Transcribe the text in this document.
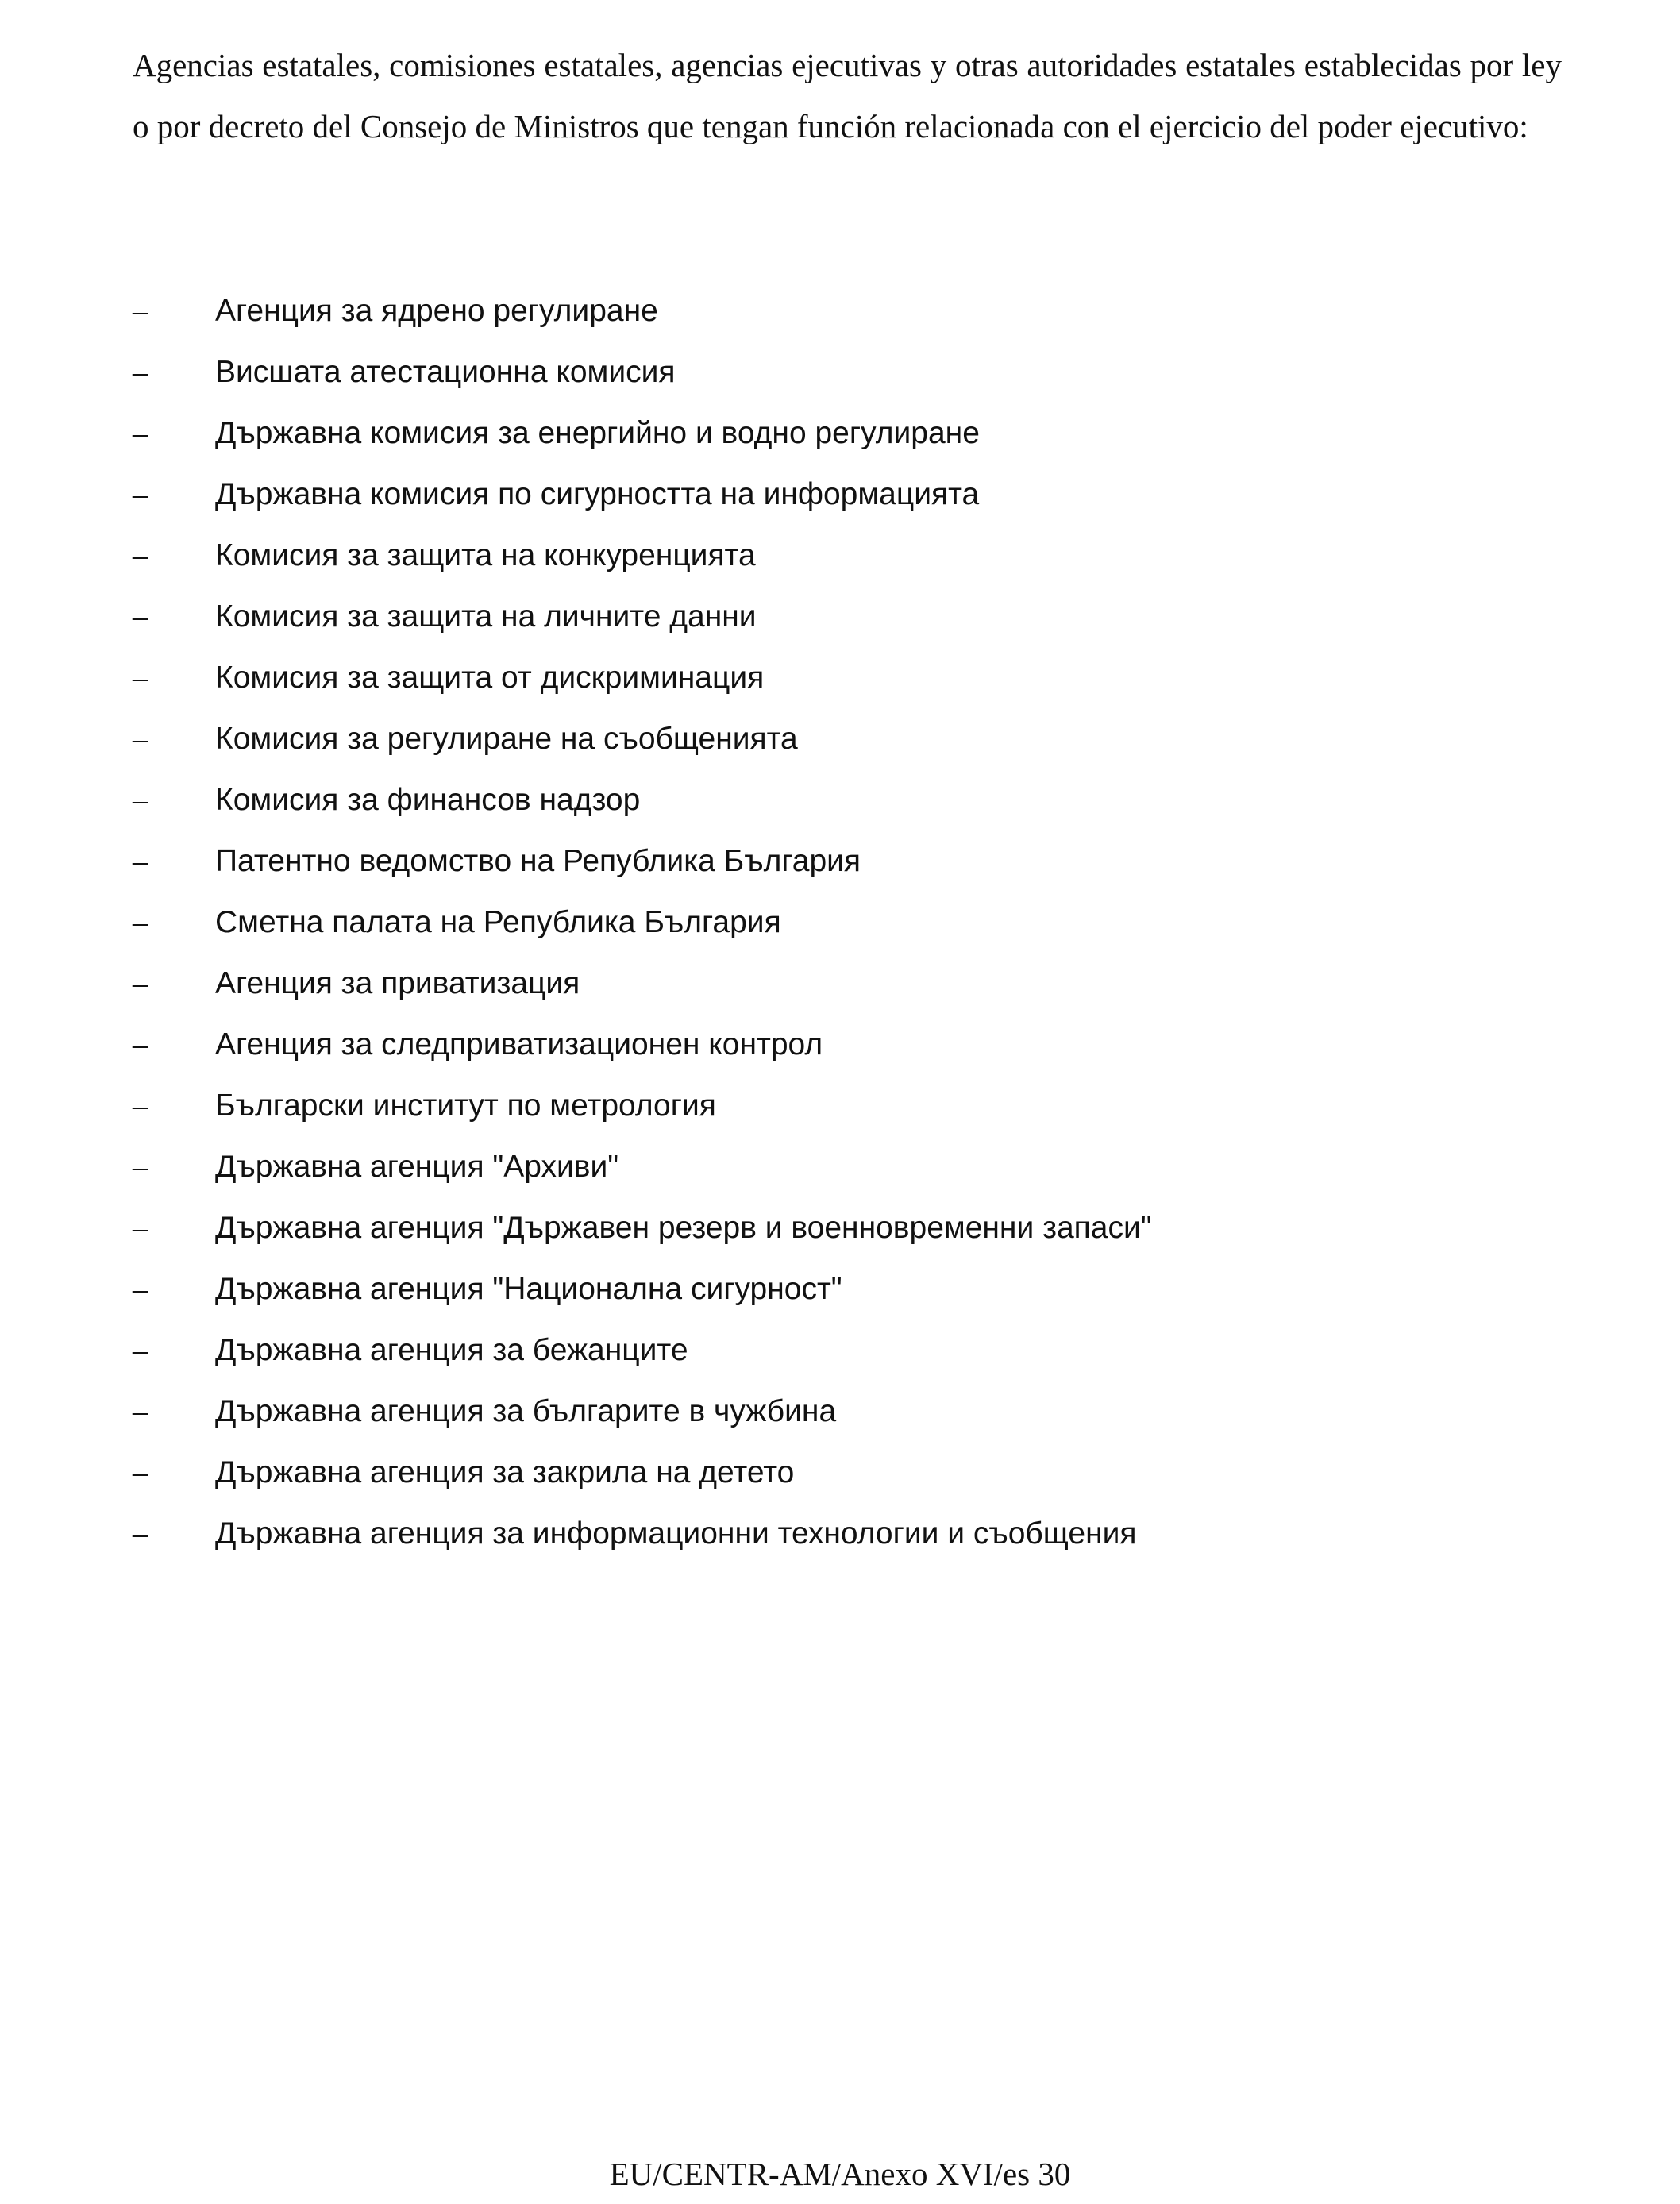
Agencias estatales, comisiones estatales, agencias ejecutivas y otras autoridades estatales establecidas por ley o por decreto del Consejo de Ministros que tengan función relacionada con el ejercicio del poder ejecutivo:

–	Агенция за ядрено регулиране
–	Висшата атестационна комисия
–	Държавна комисия за енергийно и водно регулиране
–	Държавна комисия по сигурността на информацията
–	Комисия за защита на конкуренцията
–	Комисия за защита на личните данни
–	Комисия за защита от дискриминация
–	Комисия за регулиране на съобщенията
–	Комисия за финансов надзор
–	Патентно ведомство на Република България
–	Сметна палата на Република България
–	Агенция за приватизация
–	Агенция за следприватизационен контрол
–	Български институт по метрология
–	Държавна агенция "Архиви"
–	Държавна агенция "Държавен резерв и военновременни запаси"
–	Държавна агенция "Национална сигурност"
–	Държавна агенция за бежанците
–	Държавна агенция за българите в чужбина
–	Държавна агенция за закрила на детето
–	Държавна агенция за информационни технологии и съобщения
EU/CENTR-AM/Anexo XVI/es 30
